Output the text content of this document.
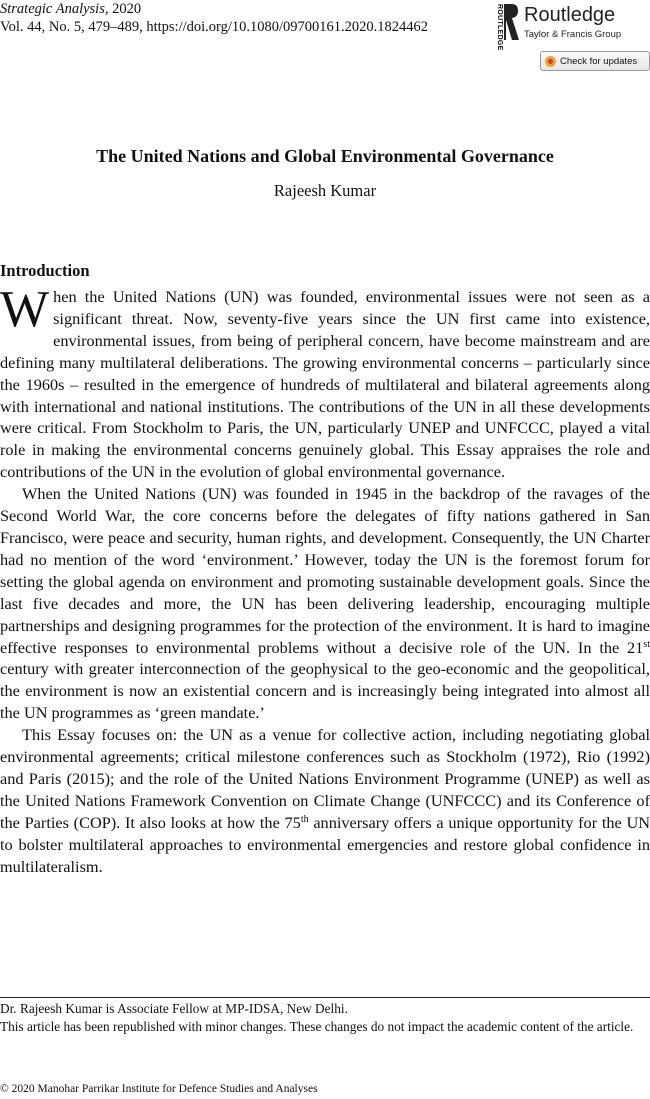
Strategic Analysis, 2020
Vol. 44, No. 5, 479–489, https://doi.org/10.1080/09700161.2020.1824462	ROUTLEDGE Routledge
Taylor & Francis Group
Check for updates
The United Nations and Global Environmental Governance
Rajeesh Kumar
Introduction

When the United Nations (UN) was founded, environmental issues were not seen as a significant threat. Now, seventy-five years since the UN first came into existence, environmental issues, from being of peripheral concern, have become mainstream and are defining many multilateral deliberations. The growing environmental concerns – particularly since the 1960s – resulted in the emergence of hundreds of multilateral and bilateral agreements along with international and national institutions. The contributions of the UN in all these developments were critical. From Stockholm to Paris, the UN, particularly UNEP and UNFCCC, played a vital role in making the environmental concerns genuinely global. This Essay appraises the role and contributions of the UN in the evolution of global environmental governance.

When the United Nations (UN) was founded in 1945 in the backdrop of the ravages of the Second World War, the core concerns before the delegates of fifty nations gathered in San Francisco, were peace and security, human rights, and development. Consequently, the UN Charter had no mention of the word ‘environment.’ However, today the UN is the foremost forum for setting the global agenda on environment and promoting sustainable development goals. Since the last five decades and more, the UN has been delivering leadership, encouraging multiple partnerships and designing programmes for the protection of the environment. It is hard to imagine effective responses to environmental problems without a decisive role of the UN. In the 21st century with greater interconnection of the geophysical to the geo-economic and the geopolitical, the environment is now an existential concern and is increasingly being integrated into almost all the UN programmes as ‘green mandate.’

This Essay focuses on: the UN as a venue for collective action, including negotiating global environmental agreements; critical milestone conferences such as Stockholm (1972), Rio (1992) and Paris (2015); and the role of the United Nations Environment Programme (UNEP) as well as the United Nations Framework Convention on Climate Change (UNFCCC) and its Conference of the Parties (COP). It also looks at how the 75th anniversary offers a unique opportunity for the UN to bolster multilateral approaches to environmental emergencies and restore global confidence in multilateralism.

Dr. Rajeesh Kumar is Associate Fellow at MP-IDSA, New Delhi.

This article has been republished with minor changes. These changes do not impact the academic content of the article.

© 2020 Manohar Parrikar Institute for Defence Studies and Analyses
